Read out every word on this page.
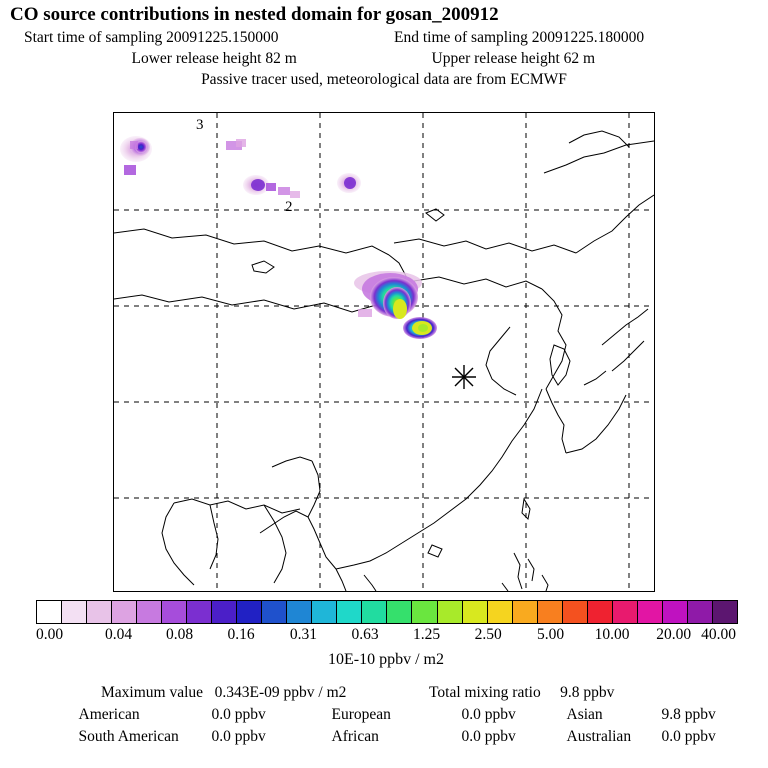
CO source contributions in nested domain for gosan_200912
Start time of sampling 20091225.150000	End time of sampling 20091225.180000
Lower release height 82 m	Upper release height 62 m
Passive tracer used, meteorological data are from ECMWF
3
2
0.00	0.04 0.08 0.16 0.31 0.63 1.25 2.50 5.00 10.00 20.00 40.00
10E-10 ppbv / m2
Maximum value 0.343E-09 ppbv / m2	Total mixing ratio 9.8 ppbv
American	0.0 ppbv	European	0.0 ppbv	Asian	9.8 ppbv
South American	0.0 ppbv	African	0.0 ppbv	Australian	0.0 ppbv
